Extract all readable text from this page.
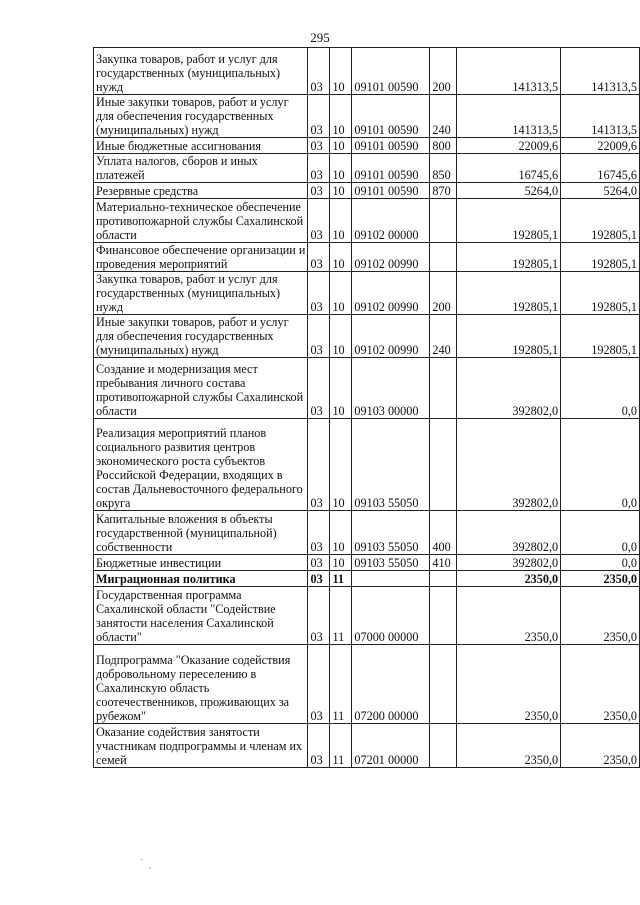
295
Закупка товаров, работ и услуг для государственных (муниципальных) нужд	03	10	09101 00590	200	141313,5	141313,5
Иные закупки товаров, работ и услуг для обеспечения государственных (муниципальных) нужд	03	10	09101 00590	240	141313,5	141313,5
Иные бюджетные ассигнования	03	10	09101 00590	800	22009,6	22009,6
Уплата налогов, сборов и иных платежей	03	10	09101 00590	850	16745,6	16745,6
Резервные средства	03	10	09101 00590	870	5264,0	5264,0
Материально-техническое обеспечение противопожарной службы Сахалинской области	03	10	09102 00000		192805,1	192805,1
Финансовое обеспечение организации и проведения мероприятий	03	10	09102 00990		192805,1	192805,1
Закупка товаров, работ и услуг для государственных (муниципальных) нужд	03	10	09102 00990	200	192805,1	192805,1
Иные закупки товаров, работ и услуг для обеспечения государственных (муниципальных) нужд	03	10	09102 00990	240	192805,1	192805,1
Создание и модернизация мест пребывания личного состава противопожарной службы Сахалинской области	03	10	09103 00000		392802,0	0,0
Реализация мероприятий планов социального развития центров экономического роста субъектов Российской Федерации, входящих в состав Дальневосточного федерального округа	03	10	09103 55050		392802,0	0,0
Капитальные вложения в объекты государственной (муниципальной) собственности	03	10	09103 55050	400	392802,0	0,0
Бюджетные инвестиции	03	10	09103 55050	410	392802,0	0,0
Миграционная политика	03	11			2350,0	2350,0
Государственная программа Сахалинской области "Содействие занятости населения Сахалинской области"	03	11	07000 00000		2350,0	2350,0
Подпрограмма "Оказание содействия добровольному переселению в Сахалинскую область соотечественников, проживающих за рубежом"	03	11	07200 00000		2350,0	2350,0
Оказание содействия занятости участникам подпрограммы и членам их семей	03	11	07201 00000		2350,0	2350,0
˙  ˎ
